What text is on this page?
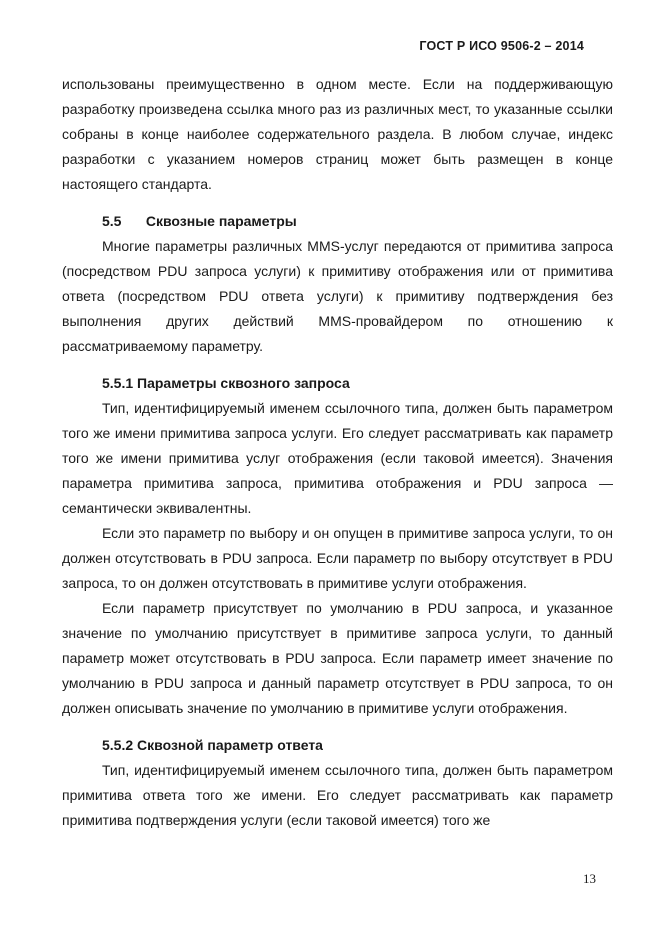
ГОСТ Р ИСО 9506-2 – 2014

использованы преимущественно в одном месте. Если на поддерживающую разработку произведена ссылка много раз из различных мест, то указанные ссылки собраны в конце наиболее содержательного раздела. В любом случае, индекс разработки с указанием номеров страниц может быть размещен в конце настоящего стандарта.

5.5 Сквозные параметры

Многие параметры различных MMS-услуг передаются от примитива запроса (посредством PDU запроса услуги) к примитиву отображения или от примитива ответа (посредством PDU ответа услуги) к примитиву подтверждения без выполнения других действий MMS-провайдером по отношению к рассматриваемому параметру.

5.5.1 Параметры сквозного запроса

Тип, идентифицируемый именем ссылочного типа, должен быть параметром того же имени примитива запроса услуги. Его следует рассматривать как параметр того же имени примитива услуг отображения (если таковой имеется). Значения параметра примитива запроса, примитива отображения и PDU запроса — семантически эквивалентны.

Если это параметр по выбору и он опущен в примитиве запроса услуги, то он должен отсутствовать в PDU запроса. Если параметр по выбору отсутствует в PDU запроса, то он должен отсутствовать в примитиве услуги отображения.

Если параметр присутствует по умолчанию в PDU запроса, и указанное значение по умолчанию присутствует в примитиве запроса услуги, то данный параметр может отсутствовать в PDU запроса. Если параметр имеет значение по умолчанию в PDU запроса и данный параметр отсутствует в PDU запроса, то он должен описывать значение по умолчанию в примитиве услуги отображения.

5.5.2 Сквозной параметр ответа

Тип, идентифицируемый именем ссылочного типа, должен быть параметром примитива ответа того же имени. Его следует рассматривать как параметр примитива подтверждения услуги (если таковой имеется) того же

13
